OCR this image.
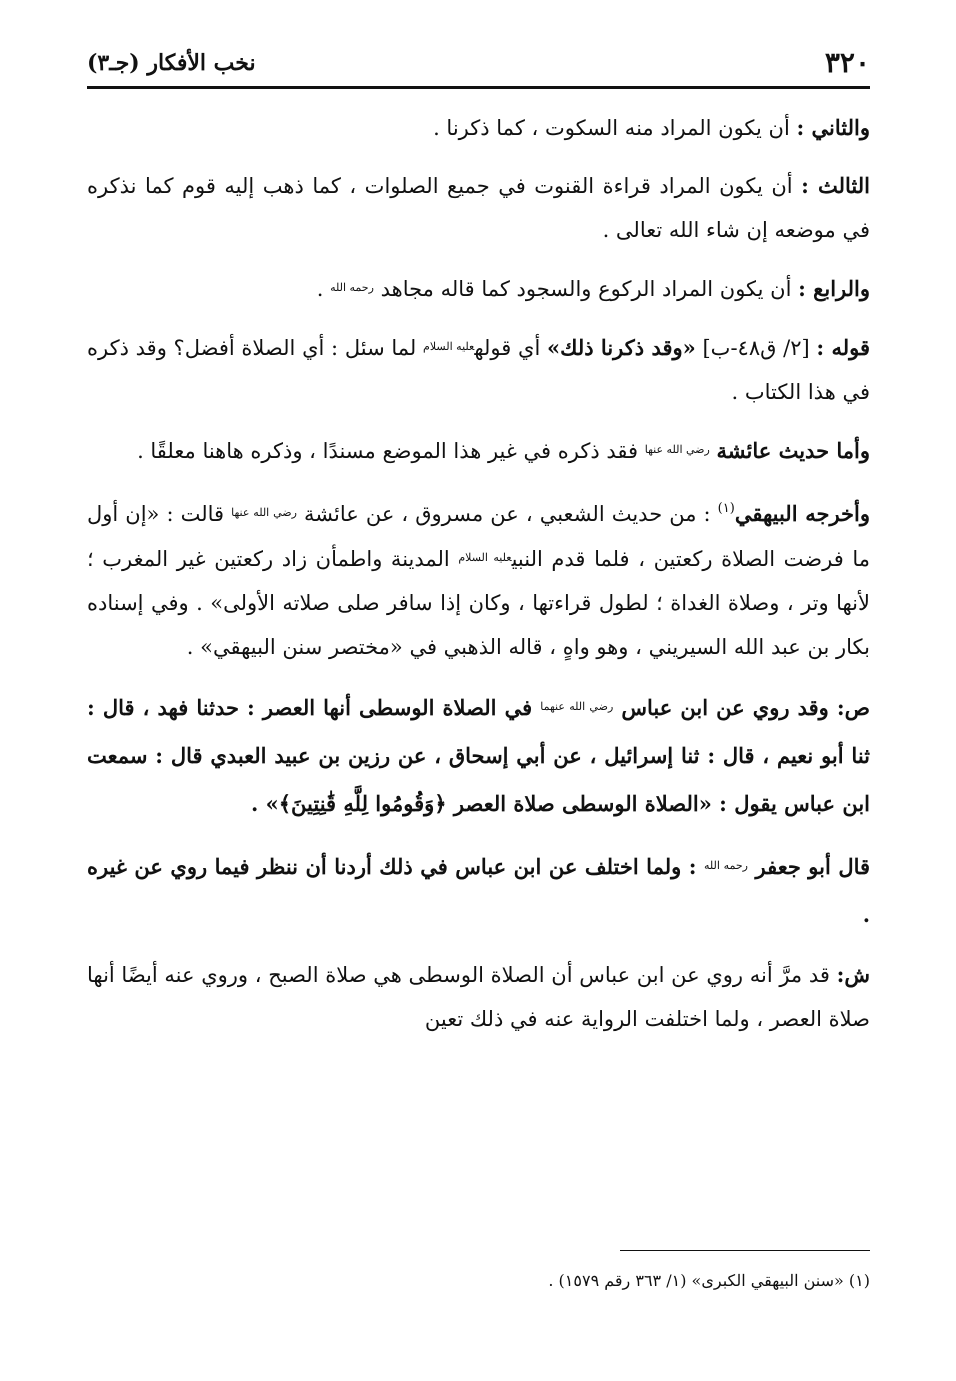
٣٢٠
نخب الأفكار (جـ٣)

والثاني : أن يكون المراد منه السكوت ، كما ذكرنا .

الثالث : أن يكون المراد قراءة القنوت في جميع الصلوات ، كما ذهب إليه قوم كما نذكره في موضعه إن شاء الله تعالى .

والرابع : أن يكون المراد الركوع والسجود كما قاله مجاهد $^{رحمه الله}$ .

قوله : [٢/ ق٤٨-ب] «وقد ذكرنا ذلك» أي قوله$^{عليه السلام}$ لما سئل : أي الصلاة أفضل؟ وقد ذكره في هذا الكتاب .

وأما حديث عائشة $^{رضي الله عنها}$ فقد ذكره في غير هذا الموضع مسندًا ، وذكره هاهنا معلقًا .

وأخرجه البيهقي$^{(١)}$ : من حديث الشعبي ، عن مسروق ، عن عائشة $^{رضي الله عنها}$ قالت : «إن أول ما فرضت الصلاة ركعتين ، فلما قدم النبي$^{عليه السلام}$ المدينة واطمأن زاد ركعتين غير المغرب ؛ لأنها وتر ، وصلاة الغداة ؛ لطول قراءتها ، وكان إذا سافر صلى صلاته الأولى» . وفي إسناده بكار بن عبد الله السيريني ، وهو واهٍ ، قاله الذهبي في «مختصر سنن البيهقي» .

ص: وقد روي عن ابن عباس $^{رضي الله عنهما}$ في الصلاة الوسطى أنها العصر : حدثنا فهد ، قال : ثنا أبو نعيم ، قال : ثنا إسرائيل ، عن أبي إسحاق ، عن رزين بن عبيد العبدي قال : سمعت ابن عباس يقول : «الصلاة الوسطى صلاة العصر ﴿وَقُومُوا لِلَّهِ قَٰنِتِينَ﴾» .

قال أبو جعفر $^{رحمه الله}$ : ولما اختلف عن ابن عباس في ذلك أردنا أن ننظر فيما روي عن غيره .

ش: قد مرَّ أنه روي عن ابن عباس أن الصلاة الوسطى هي صلاة الصبح ، وروي عنه أيضًا أنها صلاة العصر ، ولما اختلفت الرواية عنه في ذلك تعين

(١) «سنن البيهقي الكبرى» (١/ ٣٦٣ رقم ١٥٧٩) .
